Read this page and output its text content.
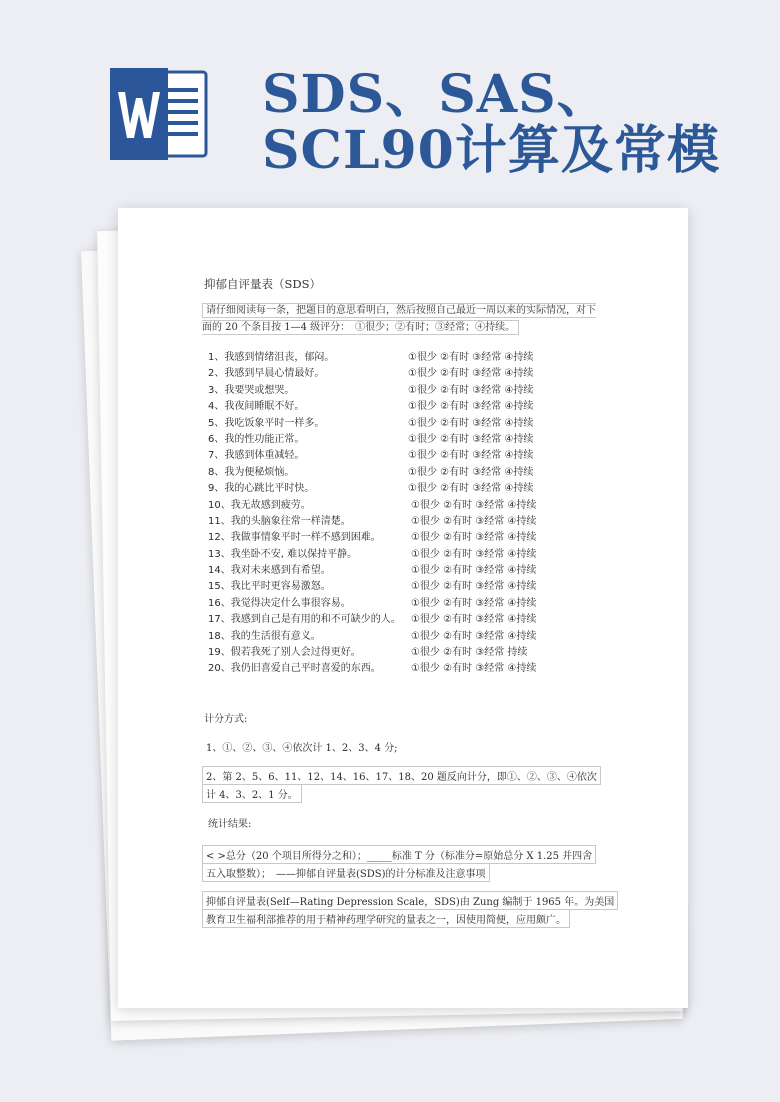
SDS、SAS、
SCL90计算及常模
抑郁自评量表（SDS）
请仔细阅读每一条，把题目的意思看明白，然后按照自己最近一周以来的实际情况，对下面的 20 个条目按 1—4 级评分：　①很少；②有时；③经常；④持续。
1、我感到情绪沮丧，郁闷。	①很少 ②有时 ③经常 ④持续
2、我感到早晨心情最好。	①很少 ②有时 ③经常 ④持续
3、我要哭或想哭。	①很少 ②有时 ③经常 ④持续
4、我夜间睡眠不好。	①很少 ②有时 ③经常 ④持续
5、我吃饭象平时一样多。	①很少 ②有时 ③经常 ④持续
6、我的性功能正常。	①很少 ②有时 ③经常 ④持续
7、我感到体重减轻。	①很少 ②有时 ③经常 ④持续
8、我为便秘烦恼。	①很少 ②有时 ③经常 ④持续
9、我的心跳比平时快。	①很少 ②有时 ③经常 ④持续
10、我无故感到疲劳。	①很少 ②有时 ③经常 ④持续
11、我的头脑象往常一样清楚。	①很少 ②有时 ③经常 ④持续
12、我做事情象平时一样不感到困难。	①很少 ②有时 ③经常 ④持续
13、我坐卧不安, 难以保持平静。	①很少 ②有时 ③经常 ④持续
14、我对未来感到有希望。	①很少 ②有时 ③经常 ④持续
15、我比平时更容易激怒。	①很少 ②有时 ③经常 ④持续
16、我觉得决定什么事很容易。	①很少 ②有时 ③经常 ④持续
17、我感到自己是有用的和不可缺少的人。 ①很少 ②有时 ③经常 ④持续
18、我的生活很有意义。	①很少 ②有时 ③经常 ④持续
19、假若我死了别人会过得更好。	①很少 ②有时 ③经常 持续
20、我仍旧喜爱自己平时喜爱的东西。	①很少 ②有时 ③经常 ④持续
计分方式:
1、①、②、③、④依次计 1、2、3、4 分;
2、第 2、5、6、11、12、14、16、17、18、20 题反向计分，即①、②、③、④依次
计 4、3、2、1 分。
统计结果:
< >总分（20 个项目所得分之和）；_____标准 T 分（标准分=原始总分 X 1.25 并四舍
五入取整数）；　——抑郁自评量表(SDS)的计分标准及注意事项
抑郁自评量表(Self—Rating Depression Scale，SDS)由 Zung 编制于 1965 年。为美国
教育卫生福利部推荐的用于精神药理学研究的量表之一，因使用简便，应用颇广。
